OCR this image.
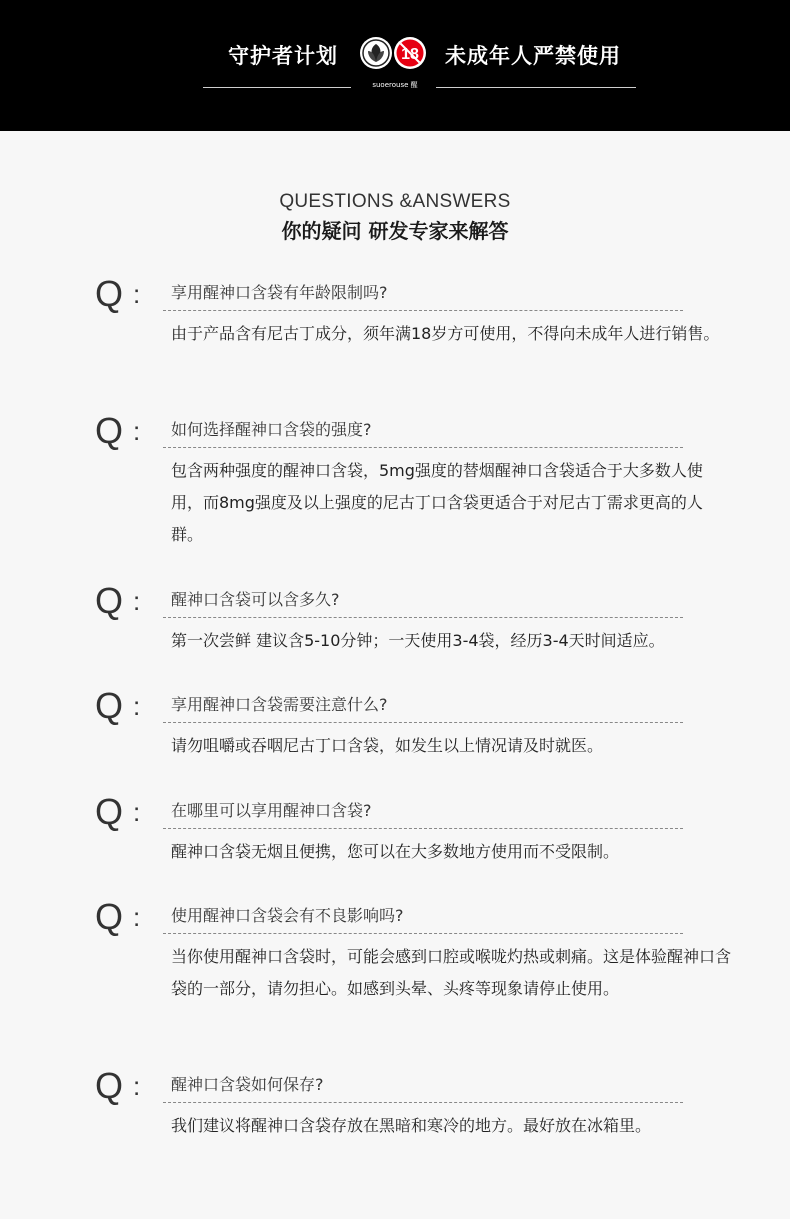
守护者计划	18 未成年人严禁使用
suoerouse 醒
QUESTIONS &ANSWERS
你的疑问 研发专家来解答
Q : 享用醒神口含袋有年龄限制吗?
由于产品含有尼古丁成分，须年满18岁方可使用，不得向未成年人进行销售。
Q : 如何选择醒神口含袋的强度?
包含两种强度的醒神口含袋，5mg强度的替烟醒神口含袋适合于大多数人使用，而8mg强度及以上强度的尼古丁口含袋更适合于对尼古丁需求更高的人群。
Q : 醒神口含袋可以含多久?
第一次尝鲜 建议含5-10分钟；一天使用3-4袋，经历3-4天时间适应。
Q : 享用醒神口含袋需要注意什么?
请勿咀嚼或吞咽尼古丁口含袋，如发生以上情况请及时就医。
Q : 在哪里可以享用醒神口含袋?
醒神口含袋无烟且便携，您可以在大多数地方使用而不受限制。
Q : 使用醒神口含袋会有不良影响吗?
当你使用醒神口含袋时，可能会感到口腔或喉咙灼热或刺痛。这是体验醒神口含袋的一部分，请勿担心。如感到头晕、头疼等现象请停止使用。
Q : 醒神口含袋如何保存?
我们建议将醒神口含袋存放在黑暗和寒冷的地方。最好放在冰箱里。
